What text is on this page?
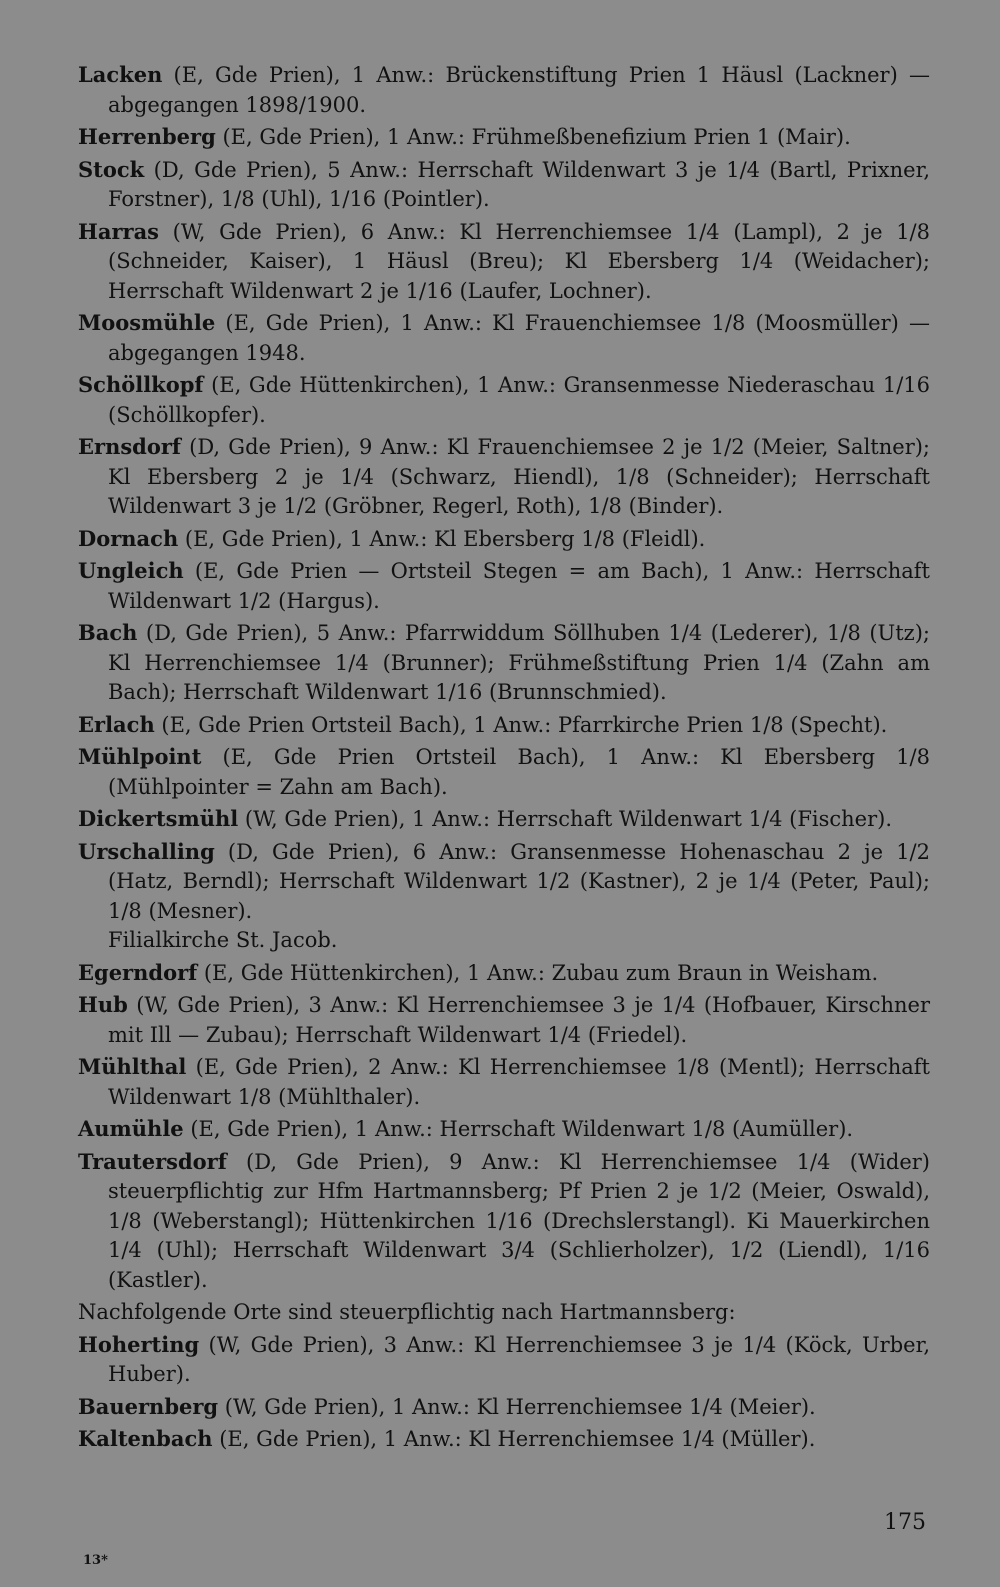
Lacken (E, Gde Prien), 1 Anw.: Brückenstiftung Prien 1 Häusl (Lackner) — abgegangen 1898/1900.

Herrenberg (E, Gde Prien), 1 Anw.: Frühmeßbenefizium Prien 1 (Mair).

Stock (D, Gde Prien), 5 Anw.: Herrschaft Wildenwart 3 je 1/4 (Bartl, Prixner, Forstner), 1/8 (Uhl), 1/16 (Pointler).

Harras (W, Gde Prien), 6 Anw.: Kl Herrenchiemsee 1/4 (Lampl), 2 je 1/8 (Schneider, Kaiser), 1 Häusl (Breu); Kl Ebersberg 1/4 (Weidacher); Herrschaft Wildenwart 2 je 1/16 (Laufer, Lochner).

Moosmühle (E, Gde Prien), 1 Anw.: Kl Frauenchiemsee 1/8 (Moosmüller) — abgegangen 1948.

Schöllkopf (E, Gde Hüttenkirchen), 1 Anw.: Gransenmesse Niederaschau 1/16 (Schöllkopfer).

Ernsdorf (D, Gde Prien), 9 Anw.: Kl Frauenchiemsee 2 je 1/2 (Meier, Saltner); Kl Ebersberg 2 je 1/4 (Schwarz, Hiendl), 1/8 (Schneider); Herrschaft Wildenwart 3 je 1/2 (Gröbner, Regerl, Roth), 1/8 (Binder).

Dornach (E, Gde Prien), 1 Anw.: Kl Ebersberg 1/8 (Fleidl).

Ungleich (E, Gde Prien — Ortsteil Stegen = am Bach), 1 Anw.: Herrschaft Wildenwart 1/2 (Hargus).

Bach (D, Gde Prien), 5 Anw.: Pfarrwiddum Söllhuben 1/4 (Lederer), 1/8 (Utz); Kl Herrenchiemsee 1/4 (Brunner); Frühmeßstiftung Prien 1/4 (Zahn am Bach); Herrschaft Wildenwart 1/16 (Brunnschmied).

Erlach (E, Gde Prien Ortsteil Bach), 1 Anw.: Pfarrkirche Prien 1/8 (Specht).

Mühlpoint (E, Gde Prien Ortsteil Bach), 1 Anw.: Kl Ebersberg 1/8 (Mühlpointer = Zahn am Bach).

Dickertsmühl (W, Gde Prien), 1 Anw.: Herrschaft Wildenwart 1/4 (Fischer).

Urschalling (D, Gde Prien), 6 Anw.: Gransenmesse Hohenaschau 2 je 1/2 (Hatz, Berndl); Herrschaft Wildenwart 1/2 (Kastner), 2 je 1/4 (Peter, Paul); 1/8 (Mesner).
Filialkirche St. Jacob.

Egerndorf (E, Gde Hüttenkirchen), 1 Anw.: Zubau zum Braun in Weisham.

Hub (W, Gde Prien), 3 Anw.: Kl Herrenchiemsee 3 je 1/4 (Hofbauer, Kirschner mit Ill — Zubau); Herrschaft Wildenwart 1/4 (Friedel).

Mühlthal (E, Gde Prien), 2 Anw.: Kl Herrenchiemsee 1/8 (Mentl); Herrschaft Wildenwart 1/8 (Mühlthaler).

Aumühle (E, Gde Prien), 1 Anw.: Herrschaft Wildenwart 1/8 (Aumüller).

Trautersdorf (D, Gde Prien), 9 Anw.: Kl Herrenchiemsee 1/4 (Wider) steuerpflichtig zur Hfm Hartmannsberg; Pf Prien 2 je 1/2 (Meier, Oswald), 1/8 (Weberstangl); Hüttenkirchen 1/16 (Drechslerstangl). Ki Mauerkirchen 1/4 (Uhl); Herrschaft Wildenwart 3/4 (Schlierholzer), 1/2 (Liendl), 1/16 (Kastler).

Nachfolgende Orte sind steuerpflichtig nach Hartmannsberg:

Hoherting (W, Gde Prien), 3 Anw.: Kl Herrenchiemsee 3 je 1/4 (Köck, Urber, Huber).

Bauernberg (W, Gde Prien), 1 Anw.: Kl Herrenchiemsee 1/4 (Meier).

Kaltenbach (E, Gde Prien), 1 Anw.: Kl Herrenchiemsee 1/4 (Müller).

175
13*
